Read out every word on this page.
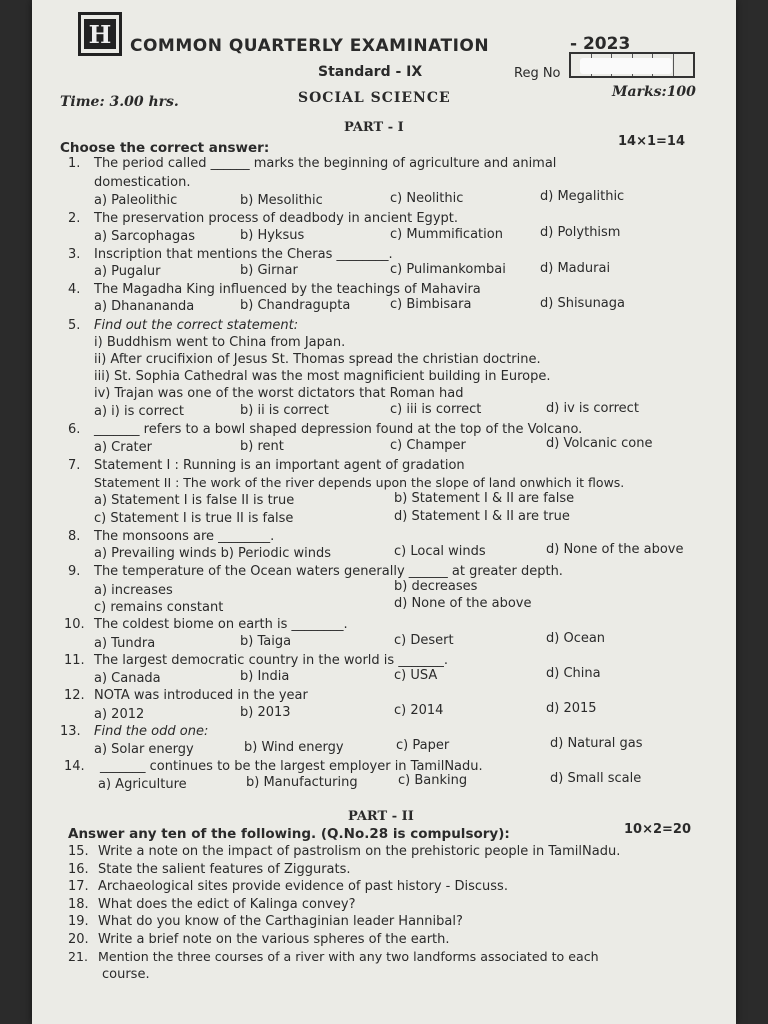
H COMMON QUARTERLY EXAMINATION	- 2023
Standard - IX	Reg No
Time: 3.00 hrs.	SOCIAL SCIENCE	Marks:100
PART - I
Choose the correct answer:	14×1=14
1. The period called ______ marks the beginning of agriculture and animal
domestication.
a) Paleolithic	b) Mesolithic	c) Neolithic	d) Megalithic
2. The preservation process of deadbody in ancient Egypt.
a) Sarcophagas	b) Hyksus	c) Mummification	d) Polythism
3. Inscription that mentions the Cheras ________.
a) Pugalur	b) Girnar	c) Pulimankombai	d) Madurai
4. The Magadha King influenced by the teachings of Mahavira
a) Dhanananda	b) Chandragupta	c) Bimbisara	d) Shisunaga
5. Find out the correct statement:
i) Buddhism went to China from Japan.
ii) After crucifixion of Jesus St. Thomas spread the christian doctrine.
iii) St. Sophia Cathedral was the most magnificient building in Europe.
iv) Trajan was one of the worst dictators that Roman had
a) i) is correct	b) ii is correct	c) iii is correct	d) iv is correct
6. _______ refers to a bowl shaped depression found at the top of the Volcano.
a) Crater	b) rent	c) Champer	d) Volcanic cone
7. Statement I : Running is an important agent of gradation
Statement II : The work of the river depends upon the slope of land onwhich it flows.
a) Statement I is false II is true	b) Statement I & II are false
c) Statement I is true II is false	d) Statement I & II are true
8. The monsoons are ________.
a) Prevailing winds b) Periodic winds	c) Local winds	d) None of the above
9. The temperature of the Ocean waters generally ______ at greater depth.
a) increases	b) decreases
c) remains constant	d) None of the above
10. The coldest biome on earth is ________.
a) Tundra	b) Taiga	c) Desert	d) Ocean
11. The largest democratic country in the world is _______.
a) Canada	b) India	c) USA	d) China
12. NOTA was introduced in the year
a) 2012	b) 2013	c) 2014	d) 2015
13. Find the odd one:
a) Solar energy	b) Wind energy	c) Paper	d) Natural gas
14. _______ continues to be the largest employer in TamilNadu.
a) Agriculture	b) Manufacturing	c) Banking	d) Small scale
PART - II
Answer any ten of the following. (Q.No.28 is compulsory):	10×2=20
15. Write a note on the impact of pastrolism on the prehistoric people in TamilNadu.
16. State the salient features of Ziggurats.
17. Archaeological sites provide evidence of past history - Discuss.
18. What does the edict of Kalinga convey?
19. What do you know of the Carthaginian leader Hannibal?
20. Write a brief note on the various spheres of the earth.
21. Mention the three courses of a river with any two landforms associated to each
course.
